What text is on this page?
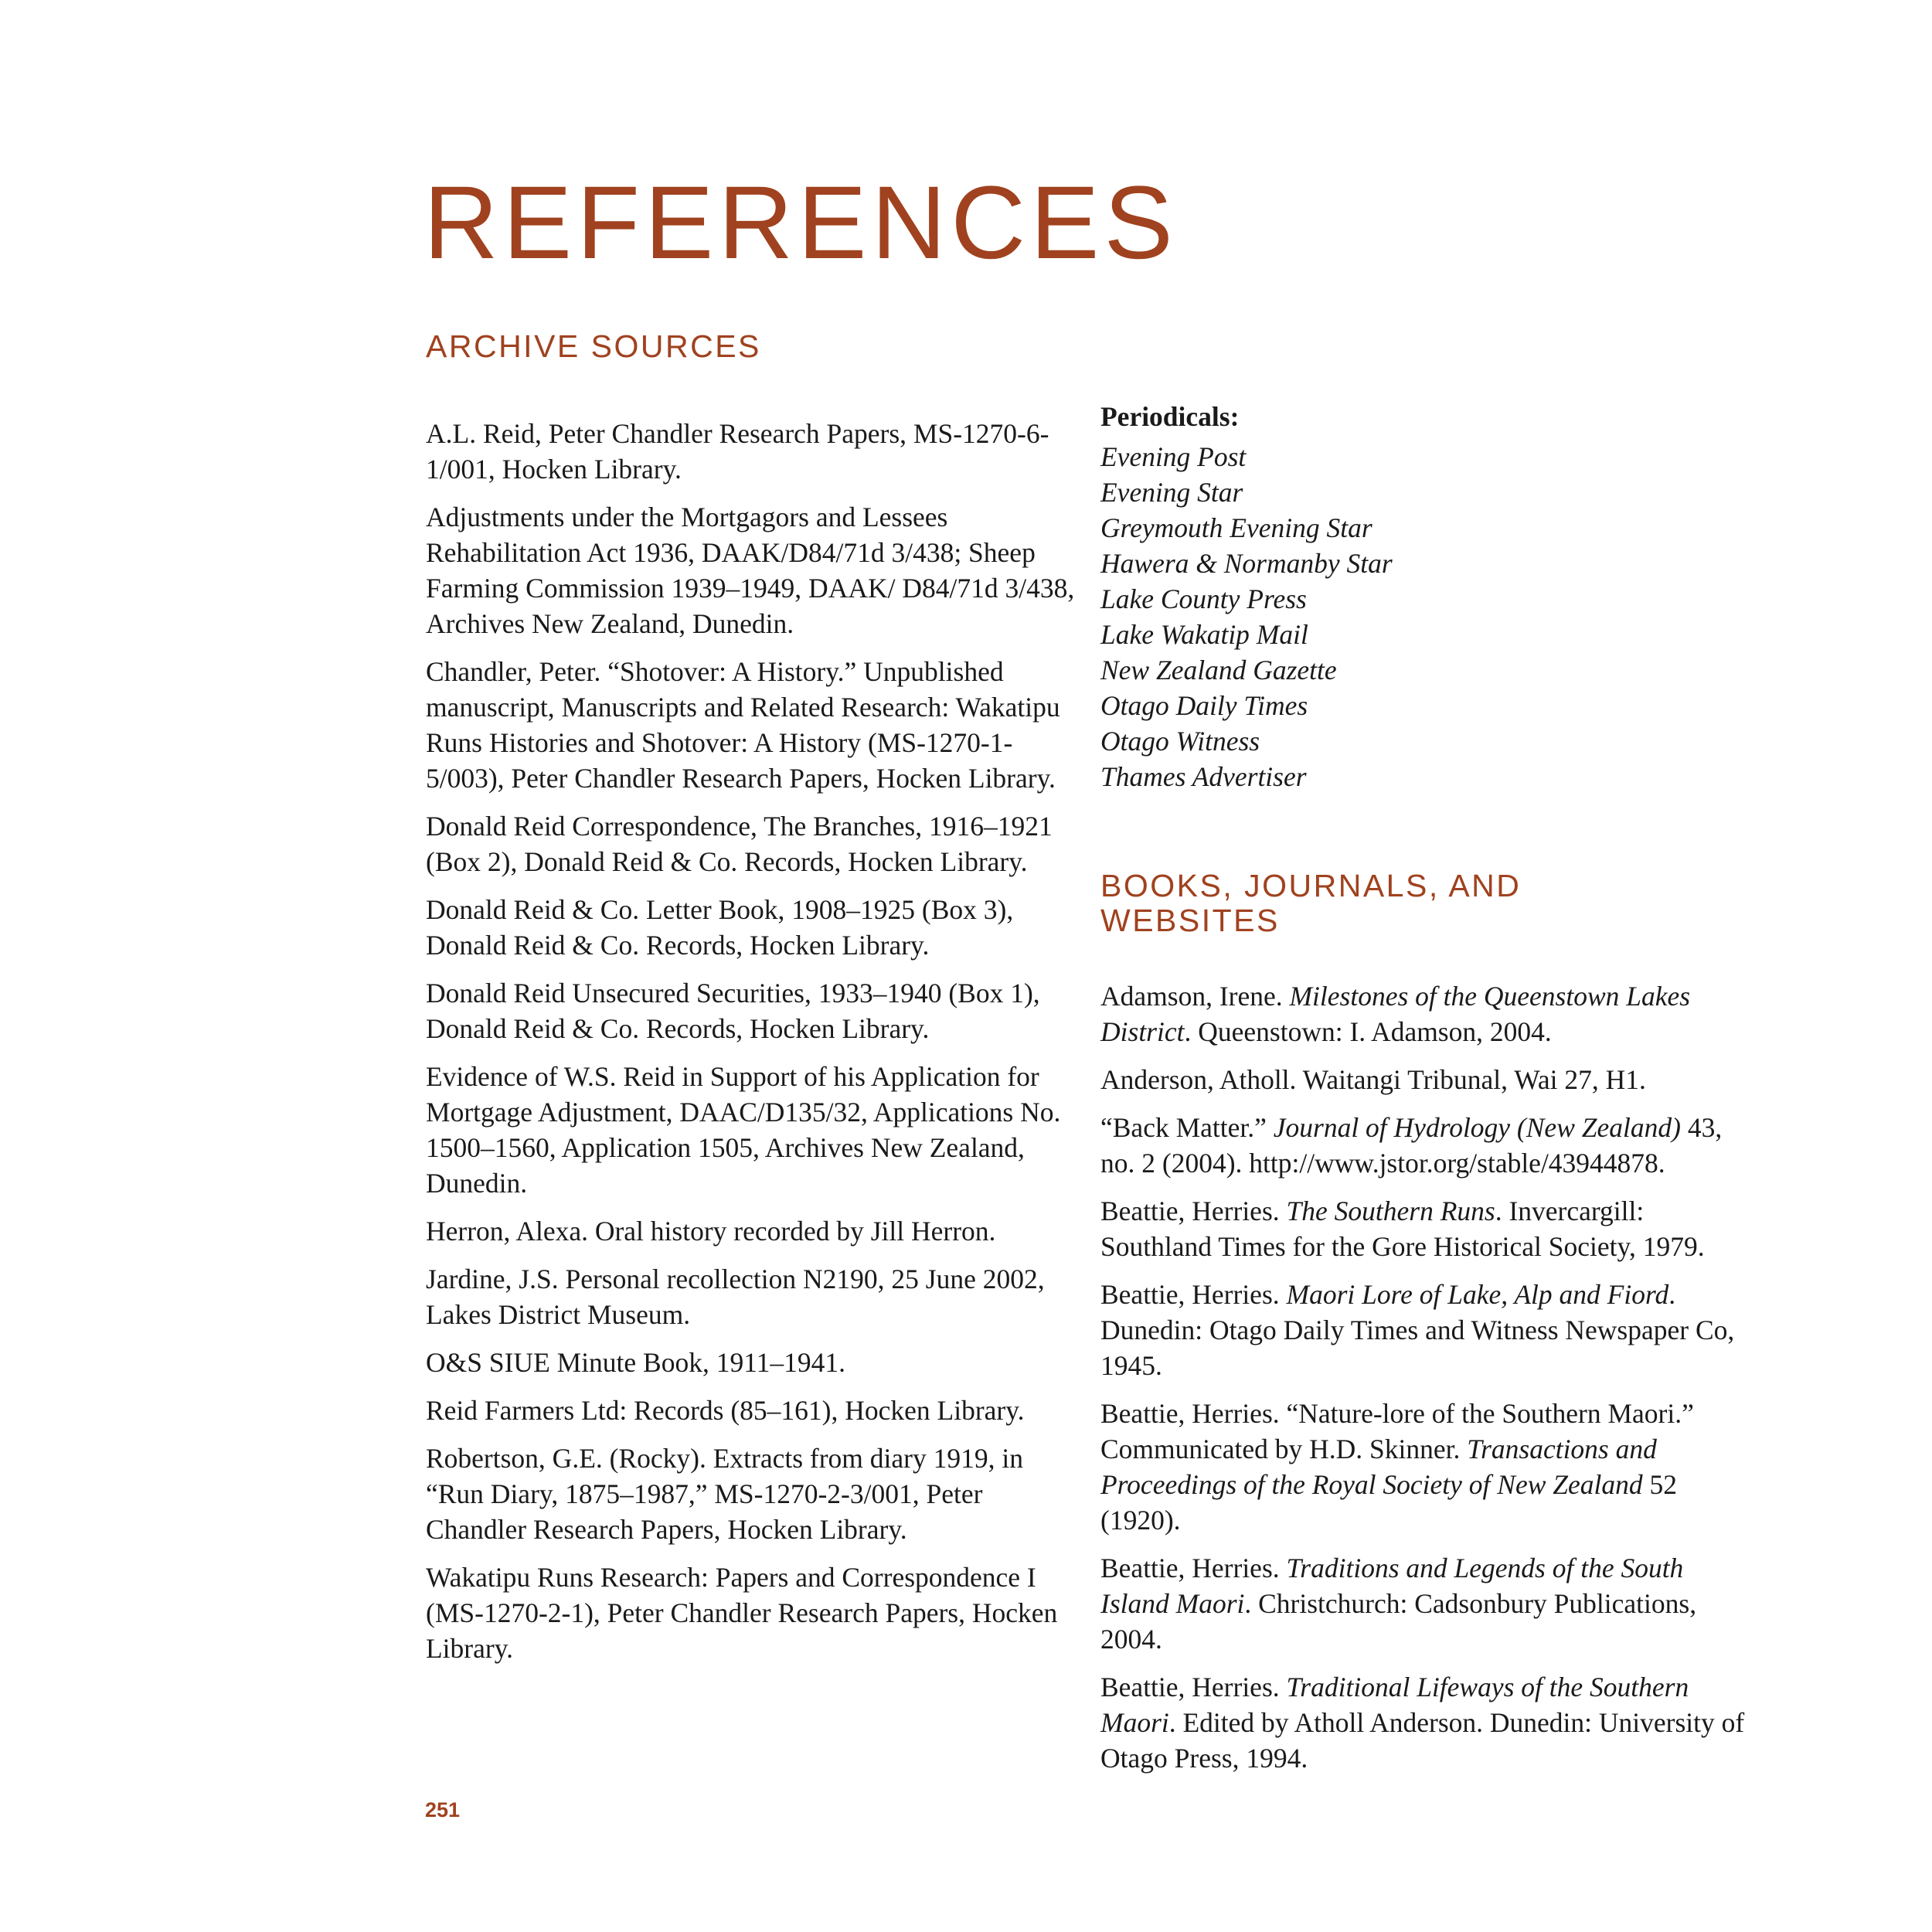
REFERENCES
ARCHIVE SOURCES

A.L. Reid, Peter Chandler Research Papers, MS-1270-6-1/001, Hocken Library.

Adjustments under the Mortgagors and Lessees Rehabilitation Act 1936, DAAK/D84/71d 3/438; Sheep Farming Commission 1939–1949, DAAK/ D84/71d 3/438, Archives New Zealand, Dunedin.

Chandler, Peter. “Shotover: A History.” Unpublished manuscript, Manuscripts and Related Research: Wakatipu Runs Histories and Shotover: A History (MS-1270-1-5/003), Peter Chandler Research Papers, Hocken Library.

Donald Reid Correspondence, The Branches, 1916–1921 (Box 2), Donald Reid & Co. Records, Hocken Library.

Donald Reid & Co. Letter Book, 1908–1925 (Box 3), Donald Reid & Co. Records, Hocken Library.

Donald Reid Unsecured Securities, 1933–1940 (Box 1), Donald Reid & Co. Records, Hocken Library.

Evidence of W.S. Reid in Support of his Application for Mortgage Adjustment, DAAC/D135/32, Applications No. 1500–1560, Application 1505, Archives New Zealand, Dunedin.

Herron, Alexa. Oral history recorded by Jill Herron.

Jardine, J.S. Personal recollection N2190, 25 June 2002, Lakes District Museum.

O&S SIUE Minute Book, 1911–1941.

Reid Farmers Ltd: Records (85–161), Hocken Library.

Robertson, G.E. (Rocky). Extracts from diary 1919, in “Run Diary, 1875–1987,” MS-1270-2-3/001, Peter Chandler Research Papers, Hocken Library.

Wakatipu Runs Research: Papers and Correspondence I (MS-1270-2-1), Peter Chandler Research Papers, Hocken Library.

Periodicals:

Evening Post
Evening Star
Greymouth Evening Star
Hawera & Normanby Star
Lake County Press
Lake Wakatip Mail
New Zealand Gazette
Otago Daily Times
Otago Witness
Thames Advertiser
BOOKS, JOURNALS, AND WEBSITES

Adamson, Irene. Milestones of the Queenstown Lakes District. Queenstown: I. Adamson, 2004.

Anderson, Atholl. Waitangi Tribunal, Wai 27, H1.

“Back Matter.” Journal of Hydrology (New Zealand) 43, no. 2 (2004). http://www.jstor.org/stable/43944878.

Beattie, Herries. The Southern Runs. Invercargill: Southland Times for the Gore Historical Society, 1979.

Beattie, Herries. Maori Lore of Lake, Alp and Fiord. Dunedin: Otago Daily Times and Witness Newspaper Co, 1945.

Beattie, Herries. “Nature-lore of the Southern Maori.” Communicated by H.D. Skinner. Transactions and Proceedings of the Royal Society of New Zealand 52 (1920).

Beattie, Herries. Traditions and Legends of the South Island Maori. Christchurch: Cadsonbury Publications, 2004.

Beattie, Herries. Traditional Lifeways of the Southern Maori. Edited by Atholl Anderson. Dunedin: University of Otago Press, 1994.

251
